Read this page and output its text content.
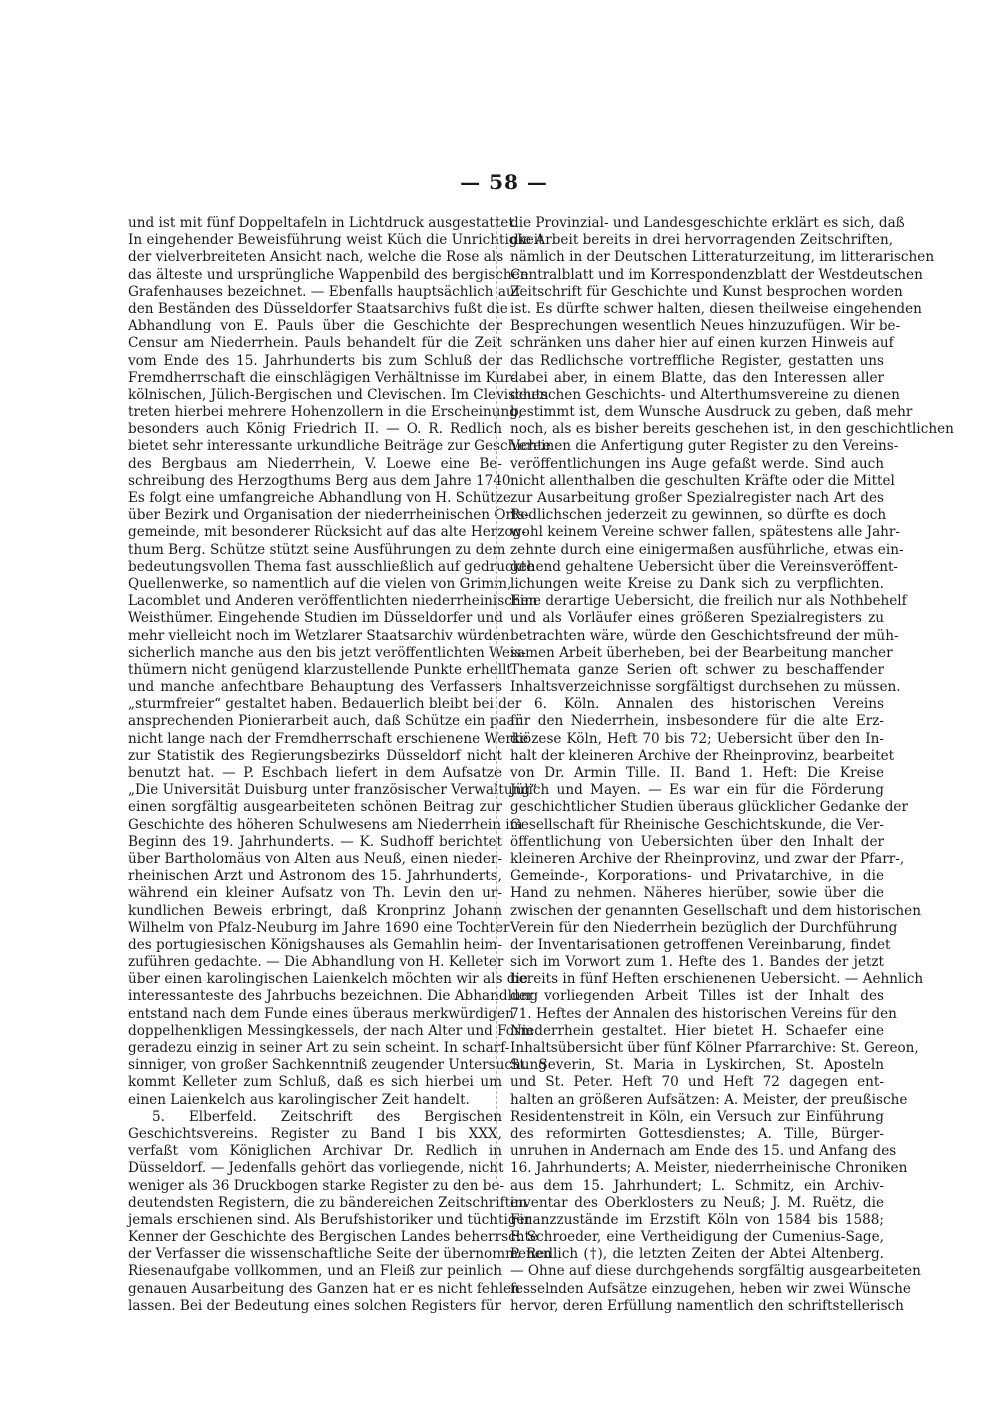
— 58 —
und ist mit fünf Doppeltafeln in Lichtdruck ausgestattet.
In eingehender Beweisführung weist Küch die Unrichtigkeit
der vielverbreiteten Ansicht nach, welche die Rose als
das älteste und ursprüngliche Wappenbild des bergischen
Grafenhauses bezeichnet. — Ebenfalls hauptsächlich auf
den Beständen des Düsseldorfer Staatsarchivs fußt die
Abhandlung von E. Pauls über die Geschichte der
Censur am Niederrhein. Pauls behandelt für die Zeit
vom Ende des 15. Jahrhunderts bis zum Schluß der
Fremdherrschaft die einschlägigen Verhältnisse im Kur-
kölnischen, Jülich-Bergischen und Clevischen. Im Clevischen
treten hierbei mehrere Hohenzollern in die Erscheinung,
besonders auch König Friedrich II. — O. R. Redlich
bietet sehr interessante urkundliche Beiträge zur Geschichte
des Bergbaus am Niederrhein, V. Loewe eine Be-
schreibung des Herzogthums Berg aus dem Jahre 1740.
Es folgt eine umfangreiche Abhandlung von H. Schütze
über Bezirk und Organisation der niederrheinischen Orts-
gemeinde, mit besonderer Rücksicht auf das alte Herzog-
thum Berg. Schütze stützt seine Ausführungen zu dem
bedeutungsvollen Thema fast ausschließlich auf gedruckte
Quellenwerke, so namentlich auf die vielen von Grimm,
Lacomblet und Anderen veröffentlichten niederrheinischen
Weisthümer. Eingehende Studien im Düsseldorfer und
mehr vielleicht noch im Wetzlarer Staatsarchiv würden
sicherlich manche aus den bis jetzt veröffentlichten Weis-
thümern nicht genügend klarzustellende Punkte erhellt
und manche anfechtbare Behauptung des Verfassers
„sturmfreier“ gestaltet haben. Bedauerlich bleibt bei der
ansprechenden Pionierarbeit auch, daß Schütze ein paar
nicht lange nach der Fremdherrschaft erschienene Werke
zur Statistik des Regierungsbezirks Düsseldorf nicht
benutzt hat. — P. Eschbach liefert in dem Aufsatze
„Die Universität Duisburg unter französischer Verwaltung“
einen sorgfältig ausgearbeiteten schönen Beitrag zur
Geschichte des höheren Schulwesens am Niederrhein im
Beginn des 19. Jahrhunderts. — K. Sudhoff berichtet
über Bartholomäus von Alten aus Neuß, einen nieder-
rheinischen Arzt und Astronom des 15. Jahrhunderts,
während ein kleiner Aufsatz von Th. Levin den ur-
kundlichen Beweis erbringt, daß Kronprinz Johann
Wilhelm von Pfalz-Neuburg im Jahre 1690 eine Tochter
des portugiesischen Königshauses als Gemahlin heim-
zuführen gedachte. — Die Abhandlung von H. Kelleter
über einen karolingischen Laienkelch möchten wir als die
interessanteste des Jahrbuchs bezeichnen. Die Abhandlung
entstand nach dem Funde eines überaus merkwürdigen
doppelhenkligen Messingkessels, der nach Alter und Form
geradezu einzig in seiner Art zu sein scheint. In scharf-
sinniger, von großer Sachkenntniß zeugender Untersuchung
kommt Kelleter zum Schluß, daß es sich hierbei um
einen Laienkelch aus karolingischer Zeit handelt.
5. Elberfeld. Zeitschrift des Bergischen
Geschichtsvereins. Register zu Band I bis XXX,
verfaßt vom Königlichen Archivar Dr. Redlich in
Düsseldorf. — Jedenfalls gehört das vorliegende, nicht
weniger als 36 Druckbogen starke Register zu den be-
deutendsten Registern, die zu bändereichen Zeitschriften
jemals erschienen sind. Als Berufshistoriker und tüchtiger
Kenner der Geschichte des Bergischen Landes beherrschte
der Verfasser die wissenschaftliche Seite der übernommenen
Riesenaufgabe vollkommen, und an Fleiß zur peinlich
genauen Ausarbeitung des Ganzen hat er es nicht fehlen
lassen. Bei der Bedeutung eines solchen Registers für
die Provinzial- und Landesgeschichte erklärt es sich, daß
die Arbeit bereits in drei hervorragenden Zeitschriften,
nämlich in der Deutschen Litteraturzeitung, im litterarischen
Centralblatt und im Korrespondenzblatt der Westdeutschen
Zeitschrift für Geschichte und Kunst besprochen worden
ist. Es dürfte schwer halten, diesen theilweise eingehenden
Besprechungen wesentlich Neues hinzuzufügen. Wir be-
schränken uns daher hier auf einen kurzen Hinweis auf
das Redlichsche vortreffliche Register, gestatten uns
dabei aber, in einem Blatte, das den Interessen aller
deutschen Geschichts- und Alterthumsvereine zu dienen
bestimmt ist, dem Wunsche Ausdruck zu geben, daß mehr
noch, als es bisher bereits geschehen ist, in den geschichtlichen
Vereinen die Anfertigung guter Register zu den Vereins-
veröffentlichungen ins Auge gefaßt werde. Sind auch
nicht allenthalben die geschulten Kräfte oder die Mittel
zur Ausarbeitung großer Spezialregister nach Art des
Redlichschen jederzeit zu gewinnen, so dürfte es doch
wohl keinem Vereine schwer fallen, spätestens alle Jahr-
zehnte durch eine einigermaßen ausführliche, etwas ein-
gehend gehaltene Uebersicht über die Vereinsveröffent-
lichungen weite Kreise zu Dank sich zu verpflichten.
Eine derartige Uebersicht, die freilich nur als Nothbehelf
und als Vorläufer eines größeren Spezialregisters zu
betrachten wäre, würde den Geschichtsfreund der müh-
samen Arbeit überheben, bei der Bearbeitung mancher
Themata ganze Serien oft schwer zu beschaffender
Inhaltsverzeichnisse sorgfältigst durchsehen zu müssen.
6. Köln. Annalen des historischen Vereins
für den Niederrhein, insbesondere für die alte Erz-
diözese Köln, Heft 70 bis 72; Uebersicht über den In-
halt der kleineren Archive der Rheinprovinz, bearbeitet
von Dr. Armin Tille. II. Band 1. Heft: Die Kreise
Jülich und Mayen. — Es war ein für die Förderung
geschichtlicher Studien überaus glücklicher Gedanke der
Gesellschaft für Rheinische Geschichtskunde, die Ver-
öffentlichung von Uebersichten über den Inhalt der
kleineren Archive der Rheinprovinz, und zwar der Pfarr-,
Gemeinde-, Korporations- und Privatarchive, in die
Hand zu nehmen. Näheres hierüber, sowie über die
zwischen der genannten Gesellschaft und dem historischen
Verein für den Niederrhein bezüglich der Durchführung
der Inventarisationen getroffenen Vereinbarung, findet
sich im Vorwort zum 1. Hefte des 1. Bandes der jetzt
bereits in fünf Heften erschienenen Uebersicht. — Aehnlich
der vorliegenden Arbeit Tilles ist der Inhalt des
71. Heftes der Annalen des historischen Vereins für den
Niederrhein gestaltet. Hier bietet H. Schaefer eine
Inhaltsübersicht über fünf Kölner Pfarrarchive: St. Gereon,
St. Severin, St. Maria in Lyskirchen, St. Aposteln
und St. Peter. Heft 70 und Heft 72 dagegen ent-
halten an größeren Aufsätzen: A. Meister, der preußische
Residentenstreit in Köln, ein Versuch zur Einführung
des reformirten Gottesdienstes; A. Tille, Bürger-
unruhen in Andernach am Ende des 15. und Anfang des
16. Jahrhunderts; A. Meister, niederrheinische Chroniken
aus dem 15. Jahrhundert; L. Schmitz, ein Archiv-
inventar des Oberklosters zu Neuß; J. M. Ruëtz, die
Finanzzustände im Erzstift Köln von 1584 bis 1588;
F. Schroeder, eine Vertheidigung der Cumenius-Sage,
P. Redlich (†), die letzten Zeiten der Abtei Altenberg.
— Ohne auf diese durchgehends sorgfältig ausgearbeiteten
fesselnden Aufsätze einzugehen, heben wir zwei Wünsche
hervor, deren Erfüllung namentlich den schriftstellerisch
